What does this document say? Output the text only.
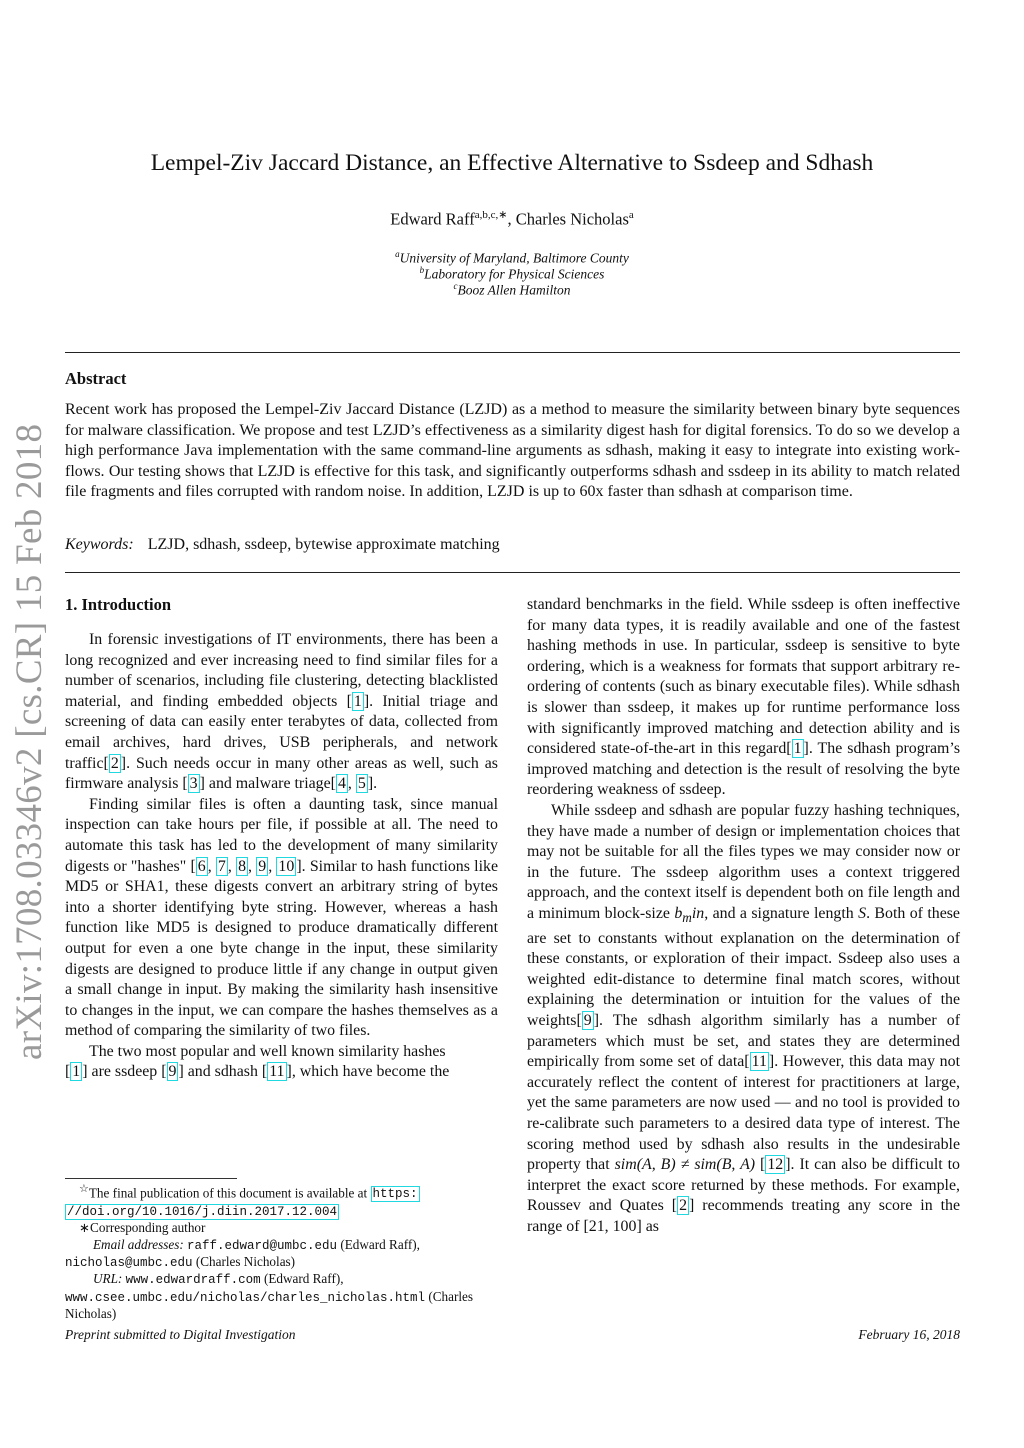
arXiv:1708.03346v2 [cs.CR] 15 Feb 2018
Lempel-Ziv Jaccard Distance, an Effective Alternative to Ssdeep and Sdhash
Edward Raff$^{a,b,c,∗}$, Charles Nicholas$^a$
$^a$University of Maryland, Baltimore County
$^b$Laboratory for Physical Sciences
$^c$Booz Allen Hamilton
Abstract
Recent work has proposed the Lempel-Ziv Jaccard Distance (LZJD) as a method to measure the similarity between binary byte sequences for malware classification. We propose and test LZJD’s effectiveness as a similarity digest hash for digital forensics. To do so we develop a high performance Java implementation with the same command-line arguments as sdhash, making it easy to integrate into existing work-flows. Our testing shows that LZJD is effective for this task, and significantly outperforms sdhash and ssdeep in its ability to match related file fragments and files corrupted with random noise. In addition, LZJD is up to 60x faster than sdhash at comparison time.
Keywords: LZJD, sdhash, ssdeep, bytewise approximate matching
1. Introduction

In forensic investigations of IT environments, there has been a long recognized and ever increasing need to find similar files for a number of scenarios, including file clustering, detecting blacklisted material, and finding embedded objects [ 1 ]. Initial triage and screening of data can easily enter terabytes of data, collected from email archives, hard drives, USB peripherals, and network traffic[ 2 ]. Such needs occur in many other areas as well, such as firmware analysis [ 3 ] and malware triage[ 4 , 5 ].

Finding similar files is often a daunting task, since manual inspection can take hours per file, if possible at all. The need to automate this task has led to the development of many similarity digests or "hashes" [ 6 , 7 , 8 , 9 , 10 ]. Similar to hash functions like MD5 or SHA1, these digests convert an arbitrary string of bytes into a shorter identifying byte string. However, whereas a hash function like MD5 is designed to produce dramatically different output for even a one byte change in the input, these similarity digests are designed to produce little if any change in output given a small change in input. By making the similarity hash insensitive to changes in the input, we can compare the hashes themselves as a method of comparing the similarity of two files.

The two most popular and well known similarity hashes
[ 1 ] are ssdeep [ 9 ] and sdhash [ 11 ], which have become the

standard benchmarks in the field. While ssdeep is often ineffective for many data types, it is readily available and one of the fastest hashing methods in use. In particular, ssdeep is sensitive to byte ordering, which is a weakness for formats that support arbitrary re-ordering of contents (such as binary executable files). While sdhash is slower than ssdeep, it makes up for runtime performance loss with significantly improved matching and detection ability and is considered state-of-the-art in this regard[ 1 ]. The sdhash program’s improved matching and detection is the result of resolving the byte reordering weakness of ssdeep.

While ssdeep and sdhash are popular fuzzy hashing techniques, they have made a number of design or implementation choices that may not be suitable for all the files types we may consider now or in the future. The ssdeep algorithm uses a context triggered approach, and the context itself is dependent both on file length and a minimum block-size $b_min$, and a signature length S. Both of these are set to constants without explanation on the determination of these constants, or exploration of their impact. Ssdeep also uses a weighted edit-distance to determine final match scores, without explaining the determination or intuition for the values of the weights[ 9 ]. The sdhash algorithm similarly has a number of parameters which must be set, and states they are determined empirically from some set of data[ 11 ]. However, this data may not accurately reflect the content of interest for practitioners at large, yet the same parameters are now used — and no tool is provided to re-calibrate such parameters to a desired data type of interest. The scoring method used by sdhash also results in the undesirable property that sim(A, B) ≠ sim(B, A) [ 12 ]. It can also be difficult to interpret the exact score returned by these methods. For example, Roussev and Quates [ 2 ] recommends treating any score in the range of [21, 100] as

☆The final publication of this document is available at https:
//doi.org/10.1016/j.diin.2017.12.004
∗Corresponding author
Email addresses: raff.edward@umbc.edu (Edward Raff),
nicholas@umbc.edu (Charles Nicholas)
URL: www.edwardraff.com (Edward Raff),
www.csee.umbc.edu/nicholas/charles_nicholas.html (Charles Nicholas)
Preprint submitted to Digital Investigation	February 16, 2018
